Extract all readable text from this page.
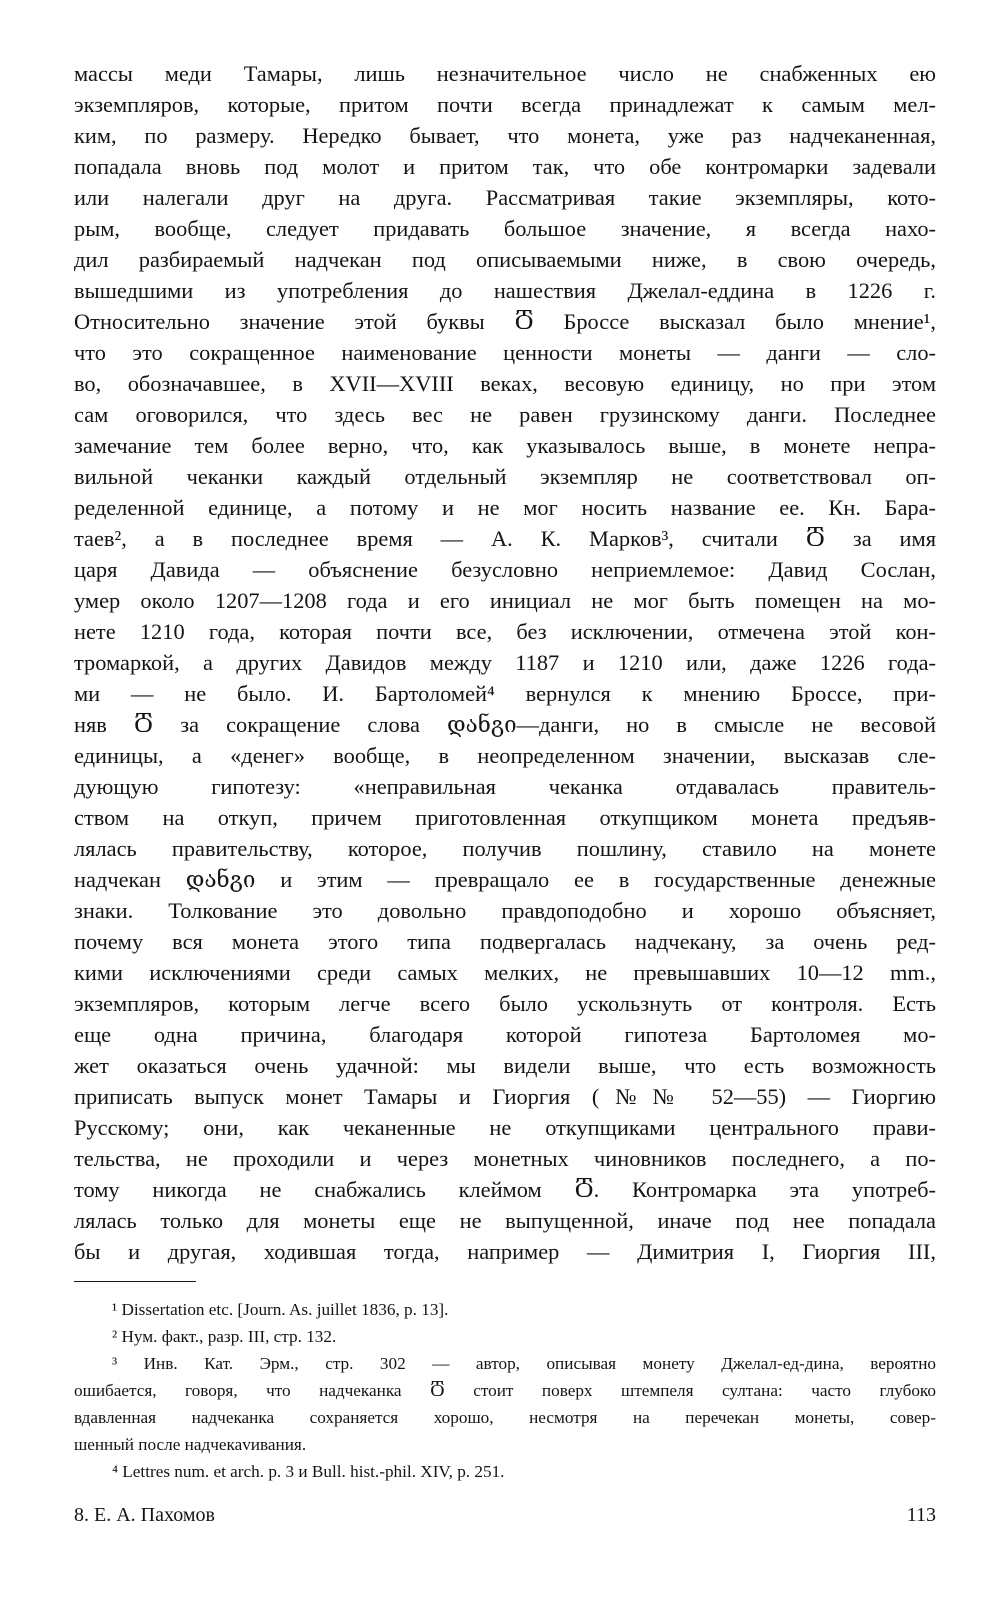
массы меди Тамары, лишь незначительное число не снабженных ею
экземпляров, которые, притом почти всегда принадлежат к самым мел-
ким, по размеру. Нередко бывает, что монета, уже раз надчеканенная,
попадала вновь под молот и притом так, что обе контромарки задевали
или налегали друг на друга. Рассматривая такие экземпляры, кото-
рым, вообще, следует придавать большое значение, я всегда нахо-
дил разбираемый надчекан под описываемыми ниже, в свою очередь,
вышедшими из употребления до нашествия Джелал-еддина в 1226 г.
Относительно значение этой буквы Ⴃ Броссе высказал было мнение¹,
что это сокращенное наименование ценности монеты — данги — сло-
во, обозначавшее, в XVII—XVIII веках, весовую единицу, но при этом
сам оговорился, что здесь вес не равен грузинскому данги. Последнее
замечание тем более верно, что, как указывалось выше, в монете непра-
вильной чеканки каждый отдельный экземпляр не соответствовал оп-
ределенной единице, а потому и не мог носить название ее. Кн. Бара-
таев², а в последнее время — А. К. Марков³, считали Ⴃ за имя
царя Давида — объяснение безусловно неприемлемое: Давид Сослан,
умер около 1207—1208 года и его инициал не мог быть помещен на мо-
нете 1210 года, которая почти все, без исключении, отмечена этой кон-
тромаркой, а других Давидов между 1187 и 1210 или, даже 1226 года-
ми — не было. И. Бартоломей⁴ вернулся к мнению Броссе, при-
няв Ⴃ за сокращение слова დანგი—данги, но в смысле не весовой
единицы, а «денег» вообще, в неопределенном значении, высказав сле-
дующую гипотезу: «неправильная чеканка отдавалась правитель-
ством на откуп, причем приготовленная откупщиком монета предъяв-
лялась правительству, которое, получив пошлину, ставило на монете
надчекан დანგი и этим — превращало ее в государственные денежные
знаки. Толкование это довольно правдоподобно и хорошо объясняет,
почему вся монета этого типа подвергалась надчекану, за очень ред-
кими исключениями среди самых мелких, не превышавших 10—12 mm.,
экземпляров, которым легче всего было ускользнуть от контроля. Есть
еще одна причина, благодаря которой гипотеза Бартоломея мо-
жет оказаться очень удачной: мы видели выше, что есть возможность
приписать выпуск монет Тамары и Гиоргия (№№ 52—55) — Гиоргию
Русскому; они, как чеканенные не откупщиками центрального прави-
тельства, не проходили и через монетных чиновников последнего, а по-
тому никогда не снабжались клеймом Ⴃ. Контромарка эта употреб-
лялась только для монеты еще не выпущенной, иначе под нее попадала
бы и другая, ходившая тогда, например — Димитрия I, Гиоргия III,
¹ Dissertation etc. [Journ. As. juillet 1836, p. 13].
² Нум. факт., разр. III, стр. 132.
³ Инв. Кат. Эрм., стр. 302 — автор, описывая монету Джелал-ед-дина, вероятно
ошибается, говоря, что надчеканка Ⴃ стоит поверх штемпеля султана: часто глубоко
вдавленная надчеканка сохраняется хорошо, несмотря на перечекан монеты, совер-
шенный после надчекаvивания.
⁴ Lettres num. et arch. p. 3 и Bull. hist.-phil. XIV, p. 251.
8. Е. А. Пахомов	113
